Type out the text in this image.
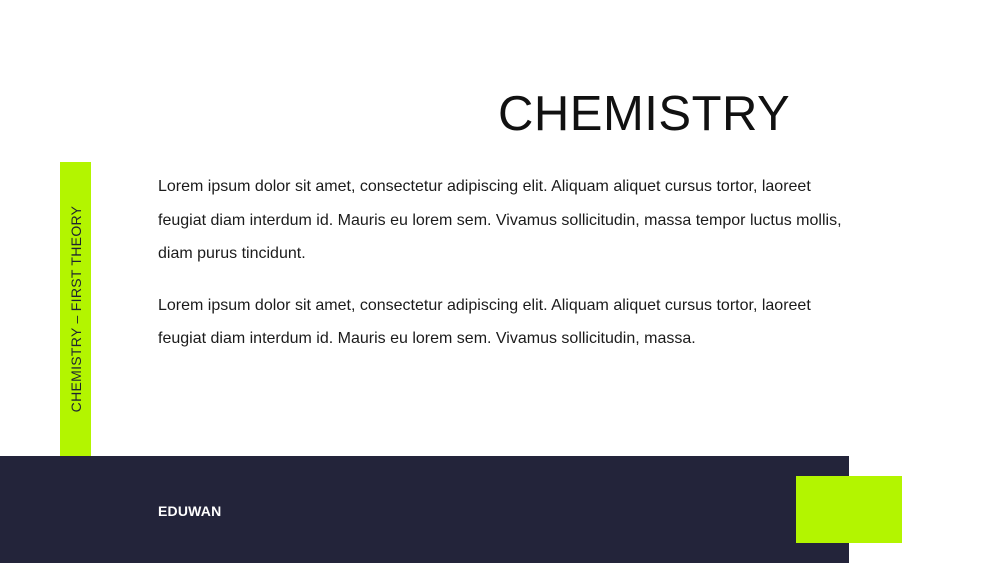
CHEMISTRY
CHEMISTRY – FIRST THEORY

Lorem ipsum dolor sit amet, consectetur adipiscing elit. Aliquam aliquet cursus tortor, laoreet feugiat diam interdum id. Mauris eu lorem sem. Vivamus sollicitudin, massa tempor luctus mollis, diam purus tincidunt.

Lorem ipsum dolor sit amet, consectetur adipiscing elit. Aliquam aliquet cursus tortor, laoreet feugiat diam interdum id. Mauris eu lorem sem. Vivamus sollicitudin, massa.

EDUWAN
